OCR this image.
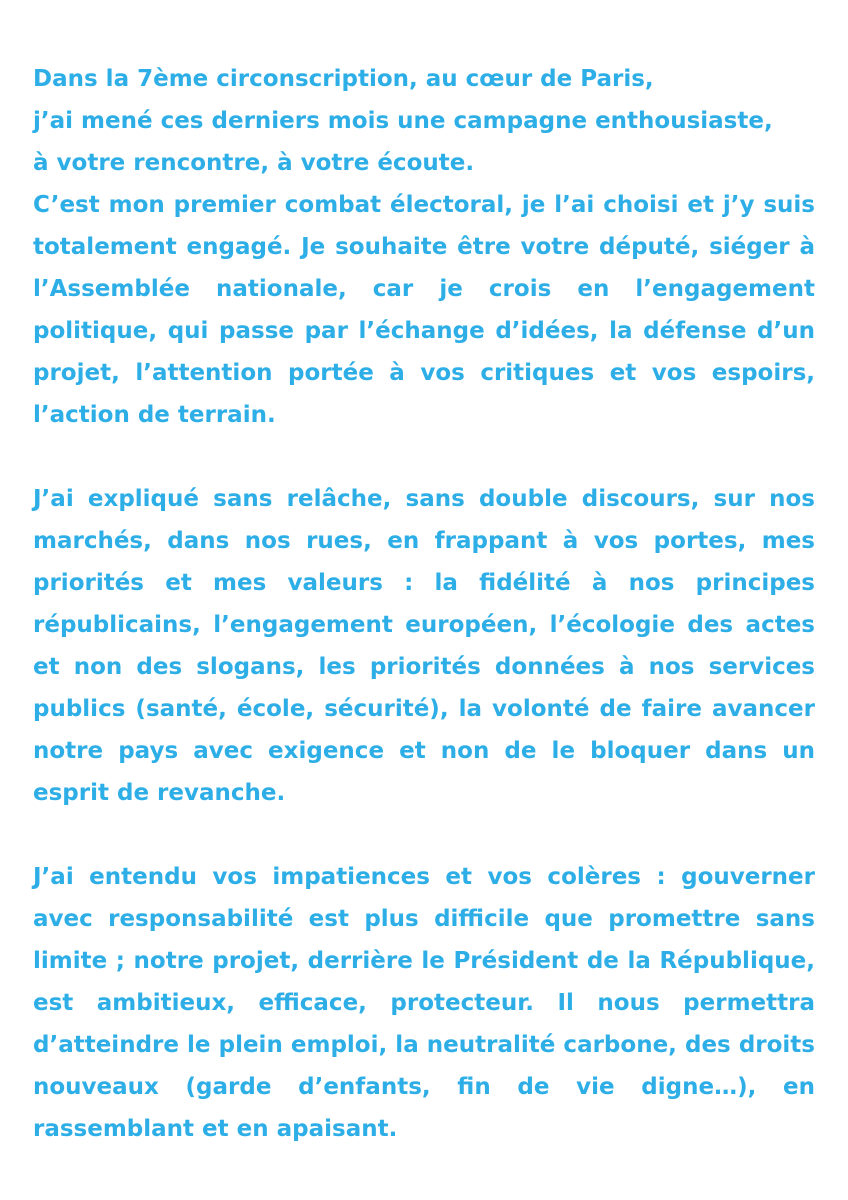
Dans la 7ème circonscription, au cœur de Paris,
j’ai mené ces derniers mois une campagne enthousiaste,
à votre rencontre, à votre écoute.
C’est mon premier combat électoral, je l’ai choisi et j’y suis totalement engagé. Je souhaite être votre député, siéger à l’Assemblée nationale, car je crois en l’engagement politique, qui passe par l’échange d’idées, la défense d’un projet, l’attention portée à vos critiques et vos espoirs, l’action de terrain.

J’ai expliqué sans relâche, sans double discours, sur nos marchés, dans nos rues, en frappant à vos portes, mes priorités et mes valeurs : la fidélité à nos principes républicains, l’engagement européen, l’écologie des actes et non des slogans, les priorités données à nos services publics (santé, école, sécurité), la volonté de faire avancer notre pays avec exigence et non de le bloquer dans un esprit de revanche.

J’ai entendu vos impatiences et vos colères : gouverner avec responsabilité est plus difficile que promettre sans limite ; notre projet, derrière le Président de la République, est ambitieux, efficace, protecteur. Il nous permettra d’atteindre le plein emploi, la neutralité carbone, des droits nouveaux (garde d’enfants, fin de vie digne…), en rassemblant et en apaisant.
